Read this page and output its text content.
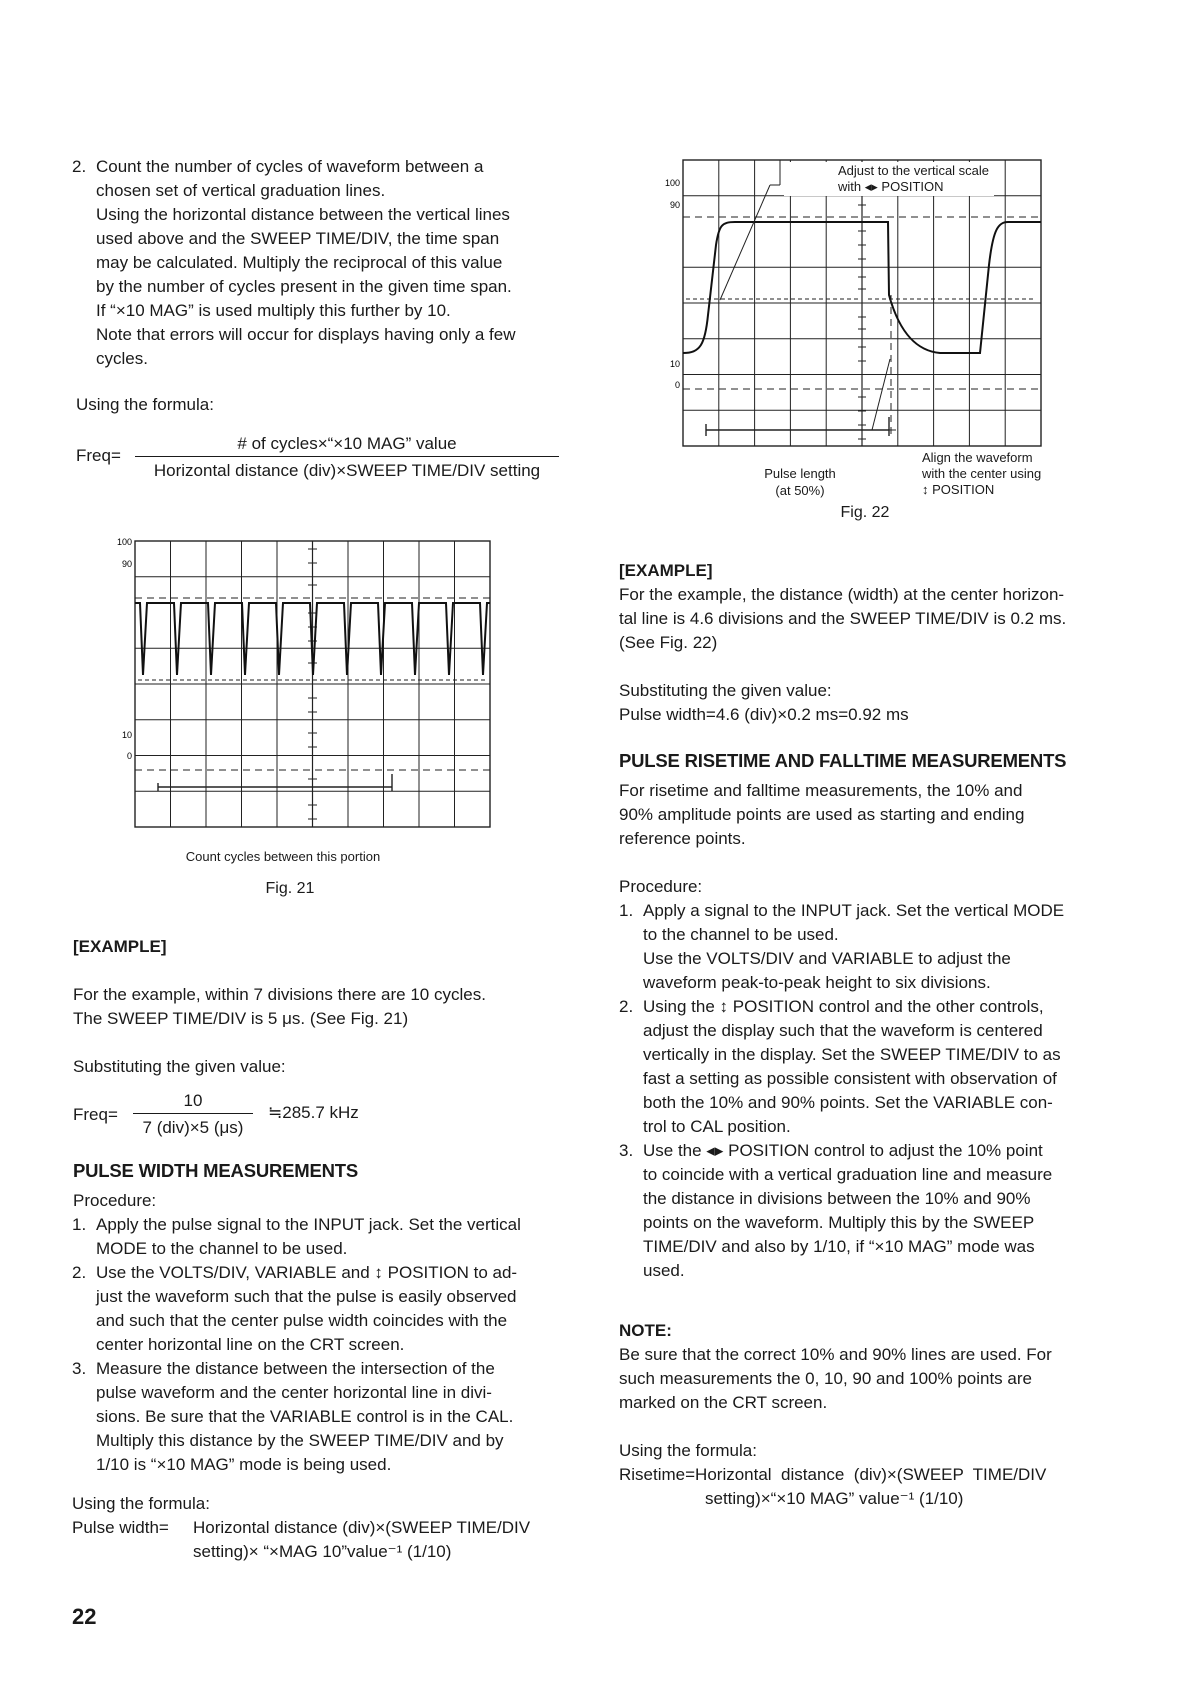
2. Count the number of cycles of waveform between a
chosen set of vertical graduation lines.
Using the horizontal distance between the vertical lines
used above and the SWEEP TIME/DIV, the time span
may be calculated. Multiply the reciprocal of this value
by the number of cycles present in the given time span.
If “×10 MAG” is used multiply this further by 10.
Note that errors will occur for displays having only a few
cycles.
Using the formula:
Freq=
# of cycles×“×10 MAG” value
Horizontal distance (div)×SWEEP TIME/DIV setting
100
90
10
0
Count cycles between this portion
Fig. 21
[EXAMPLE]
For the example, within 7 divisions there are 10 cycles.
The SWEEP TIME/DIV is 5 μs. (See Fig. 21)
Substituting the given value:
Freq=
10
7 (div)×5 (μs)
≒285.7 kHz
PULSE WIDTH MEASUREMENTS
Procedure:
1. Apply the pulse signal to the INPUT jack. Set the vertical
MODE to the channel to be used.
2. Use the VOLTS/DIV, VARIABLE and ↕ POSITION to ad-
just the waveform such that the pulse is easily observed
and such that the center pulse width coincides with the
center horizontal line on the CRT screen.
3. Measure the distance between the intersection of the
pulse waveform and the center horizontal line in divi-
sions. Be sure that the VARIABLE control is in the CAL.
Multiply this distance by the SWEEP TIME/DIV and by
1/10 is “×10 MAG” mode is being used.
Using the formula:
Pulse width= Horizontal distance (div)×(SWEEP TIME/DIV
setting)× “×MAG 10”value⁻¹ (1/10)
22
100
90
10
0
Adjust to the vertical scale
with ◂▸ POSITION
Pulse length
(at 50%)
Align the waveform
with the center using
↕ POSITION
Fig. 22
[EXAMPLE]
For the example, the distance (width) at the center horizon-
tal line is 4.6 divisions and the SWEEP TIME/DIV is 0.2 ms.
(See Fig. 22)
Substituting the given value:
Pulse width=4.6 (div)×0.2 ms=0.92 ms
PULSE RISETIME AND FALLTIME MEASUREMENTS
For risetime and falltime measurements, the 10% and
90% amplitude points are used as starting and ending
reference points.
Procedure:
1. Apply a signal to the INPUT jack. Set the vertical MODE
to the channel to be used.
Use the VOLTS/DIV and VARIABLE to adjust the
waveform peak-to-peak height to six divisions.
2. Using the ↕ POSITION control and the other controls,
adjust the display such that the waveform is centered
vertically in the display. Set the SWEEP TIME/DIV to as
fast a setting as possible consistent with observation of
both the 10% and 90% points. Set the VARIABLE con-
trol to CAL position.
3. Use the ◂▸ POSITION control to adjust the 10% point
to coincide with a vertical graduation line and measure
the distance in divisions between the 10% and 90%
points on the waveform. Multiply this by the SWEEP
TIME/DIV and also by 1/10, if “×10 MAG” mode was
used.
NOTE:
Be sure that the correct 10% and 90% lines are used. For
such measurements the 0, 10, 90 and 100% points are
marked on the CRT screen.
Using the formula:
Risetime=Horizontal  distance  (div)×(SWEEP  TIME/DIV
setting)×“×10 MAG” value⁻¹ (1/10)
